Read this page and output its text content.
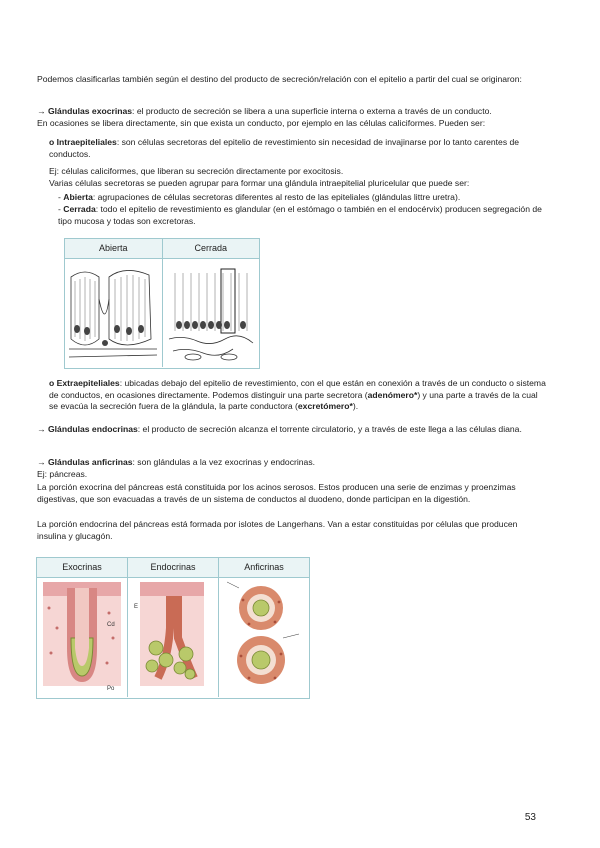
Podemos clasificarlas también según el destino del producto de secreción/relación con el epitelio a partir del cual se originaron:

→ Glándulas exocrinas: el producto de secreción se libera a una superficie interna o externa a través de un conducto.
En ocasiones se libera directamente, sin que exista un conducto, por ejemplo en las células caliciformes. Pueden ser:

o Intraepiteliales: son células secretoras del epitelio de revestimiento sin necesidad de invajinarse por lo tanto carentes de conductos.

Ej: células caliciformes, que liberan su secreción directamente por exocitosis.
Varias células secretoras se pueden agrupar para formar una glándula intraepitelial pluricelular que puede ser:

- Abierta: agrupaciones de células secretoras diferentes al resto de las epiteliales (glándulas littre uretra).

- Cerrada: todo el epitelio de revestimiento es glandular (en el estómago o también en el endocérvix) producen segregación de tipo mucosa y todas son excretoras.

Abierta	Cerrada

o Extraepiteliales: ubicadas debajo del epitelio de revestimiento, con el que están en conexión a través de un conducto o sistema de conductos, en ocasiones directamente. Podemos distinguir una parte secretora (adenómero*) y una parte a través de la cual se evacúa la secreción fuera de la glándula, la parte conductora (excretómero*).

→ Glándulas endocrinas: el producto de secreción alcanza el torrente circulatorio, y a través de este llega a las células diana.

→ Glándulas anficrinas: son glándulas a la vez exocrinas y endocrinas.
Ej: páncreas.

La porción exocrina del páncreas está constituida por los acinos serosos. Estos producen una serie de enzimas y proenzimas digestivas, que son evacuadas a través de un sistema de conductos al duodeno, donde participan en la digestión.

La porción endocrina del páncreas está formada por islotes de Langerhans. Van a estar constituidas por células que producen insulina y glucagón.

Exocrinas	Endocrinas	Anficrinas
Cd
Po
E
53
